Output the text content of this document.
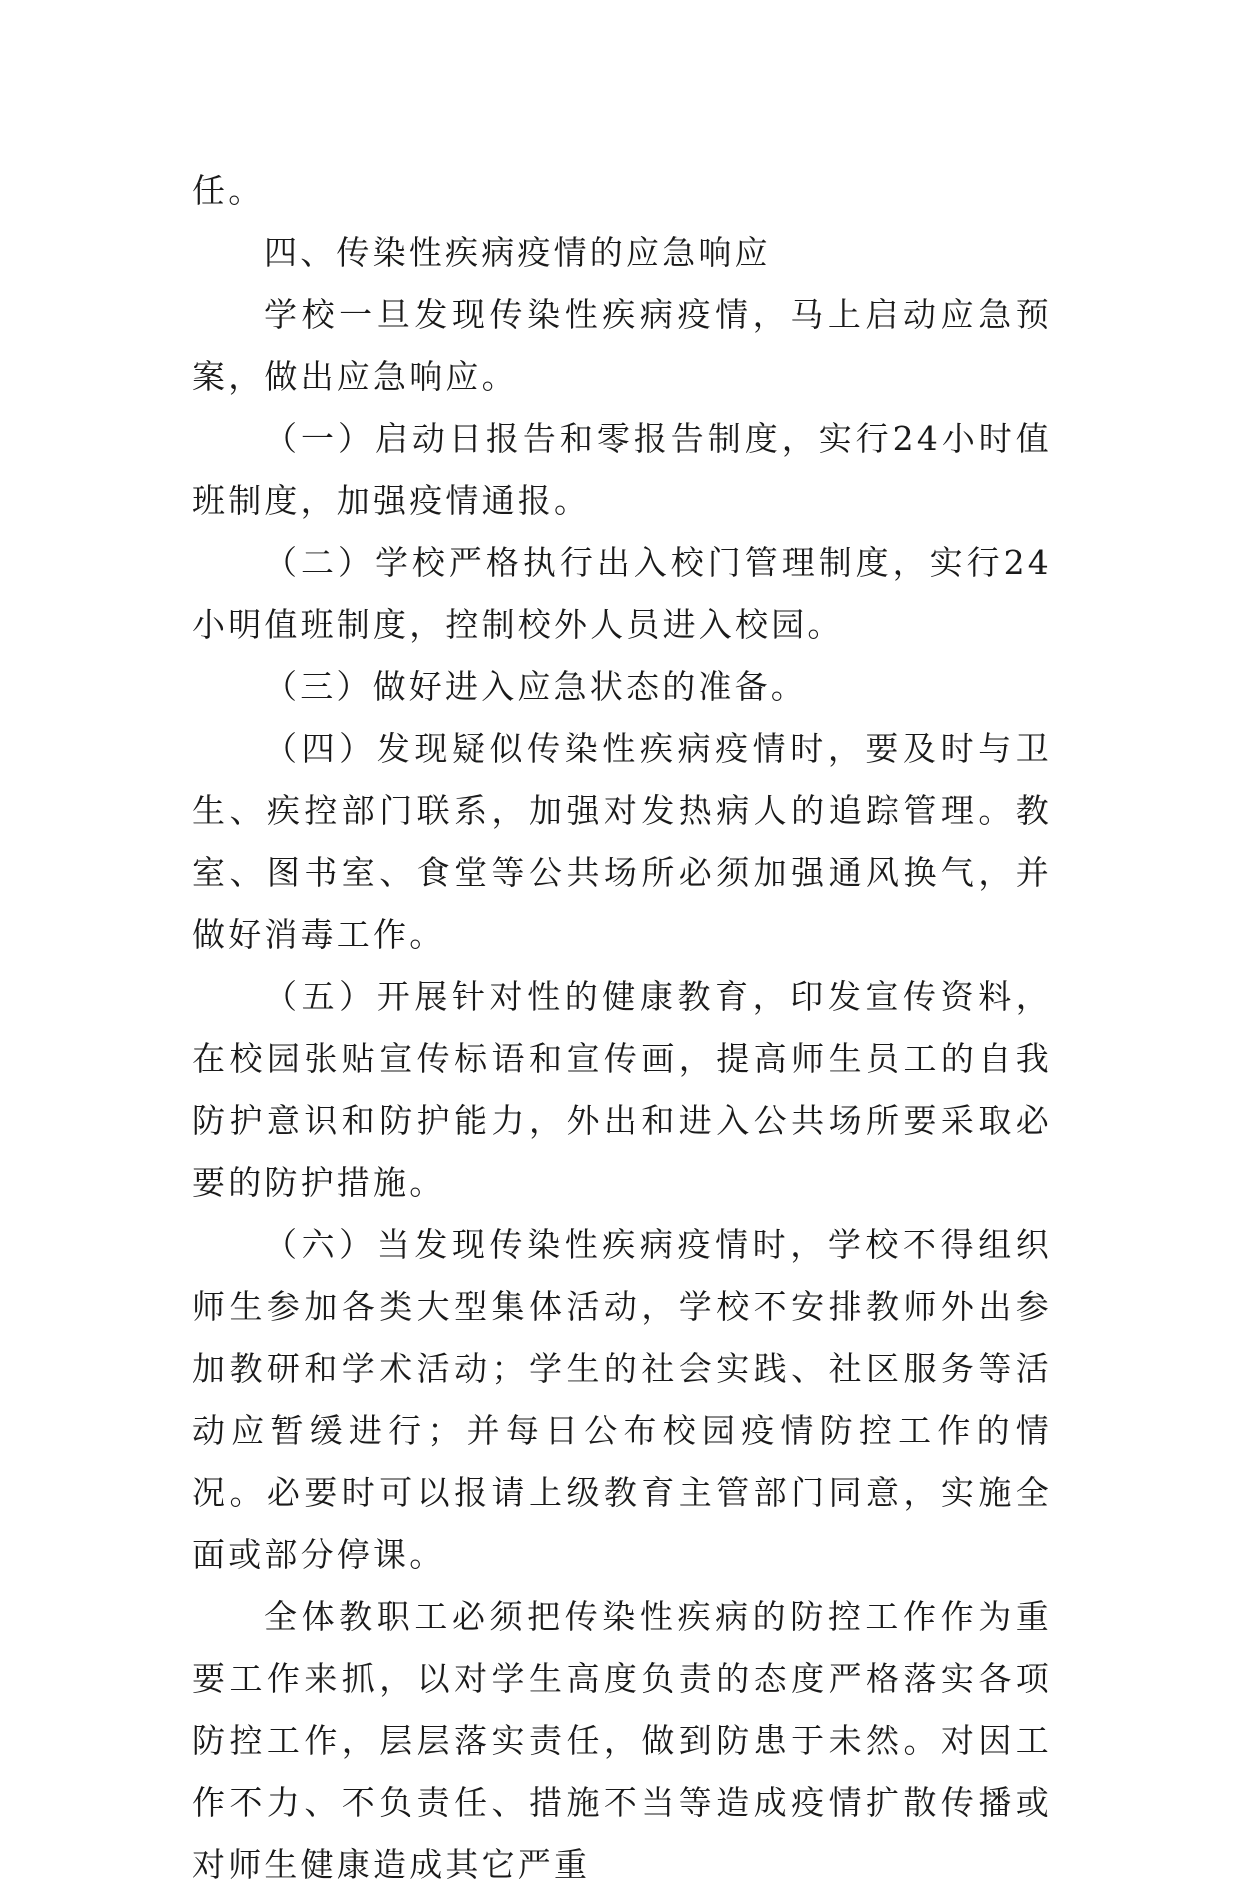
任。

四、传染性疾病疫情的应急响应

学校一旦发现传染性疾病疫情，马上启动应急预案，做出应急响应。

（一）启动日报告和零报告制度，实行24小时值班制度，加强疫情通报。

（二）学校严格执行出入校门管理制度，实行24小明值班制度，控制校外人员进入校园。

（三）做好进入应急状态的准备。

（四）发现疑似传染性疾病疫情时，要及时与卫生、疾控部门联系，加强对发热病人的追踪管理。教室、图书室、食堂等公共场所必须加强通风换气，并做好消毒工作。

（五）开展针对性的健康教育，印发宣传资料，在校园张贴宣传标语和宣传画，提高师生员工的自我防护意识和防护能力，外出和进入公共场所要采取必要的防护措施。

（六）当发现传染性疾病疫情时，学校不得组织师生参加各类大型集体活动，学校不安排教师外出参加教研和学术活动；学生的社会实践、社区服务等活动应暂缓进行；并每日公布校园疫情防控工作的情况。必要时可以报请上级教育主管部门同意，实施全面或部分停课。

全体教职工必须把传染性疾病的防控工作作为重要工作来抓，以对学生高度负责的态度严格落实各项防控工作，层层落实责任，做到防患于未然。对因工作不力、不负责任、措施不当等造成疫情扩散传播或对师生健康造成其它严重
